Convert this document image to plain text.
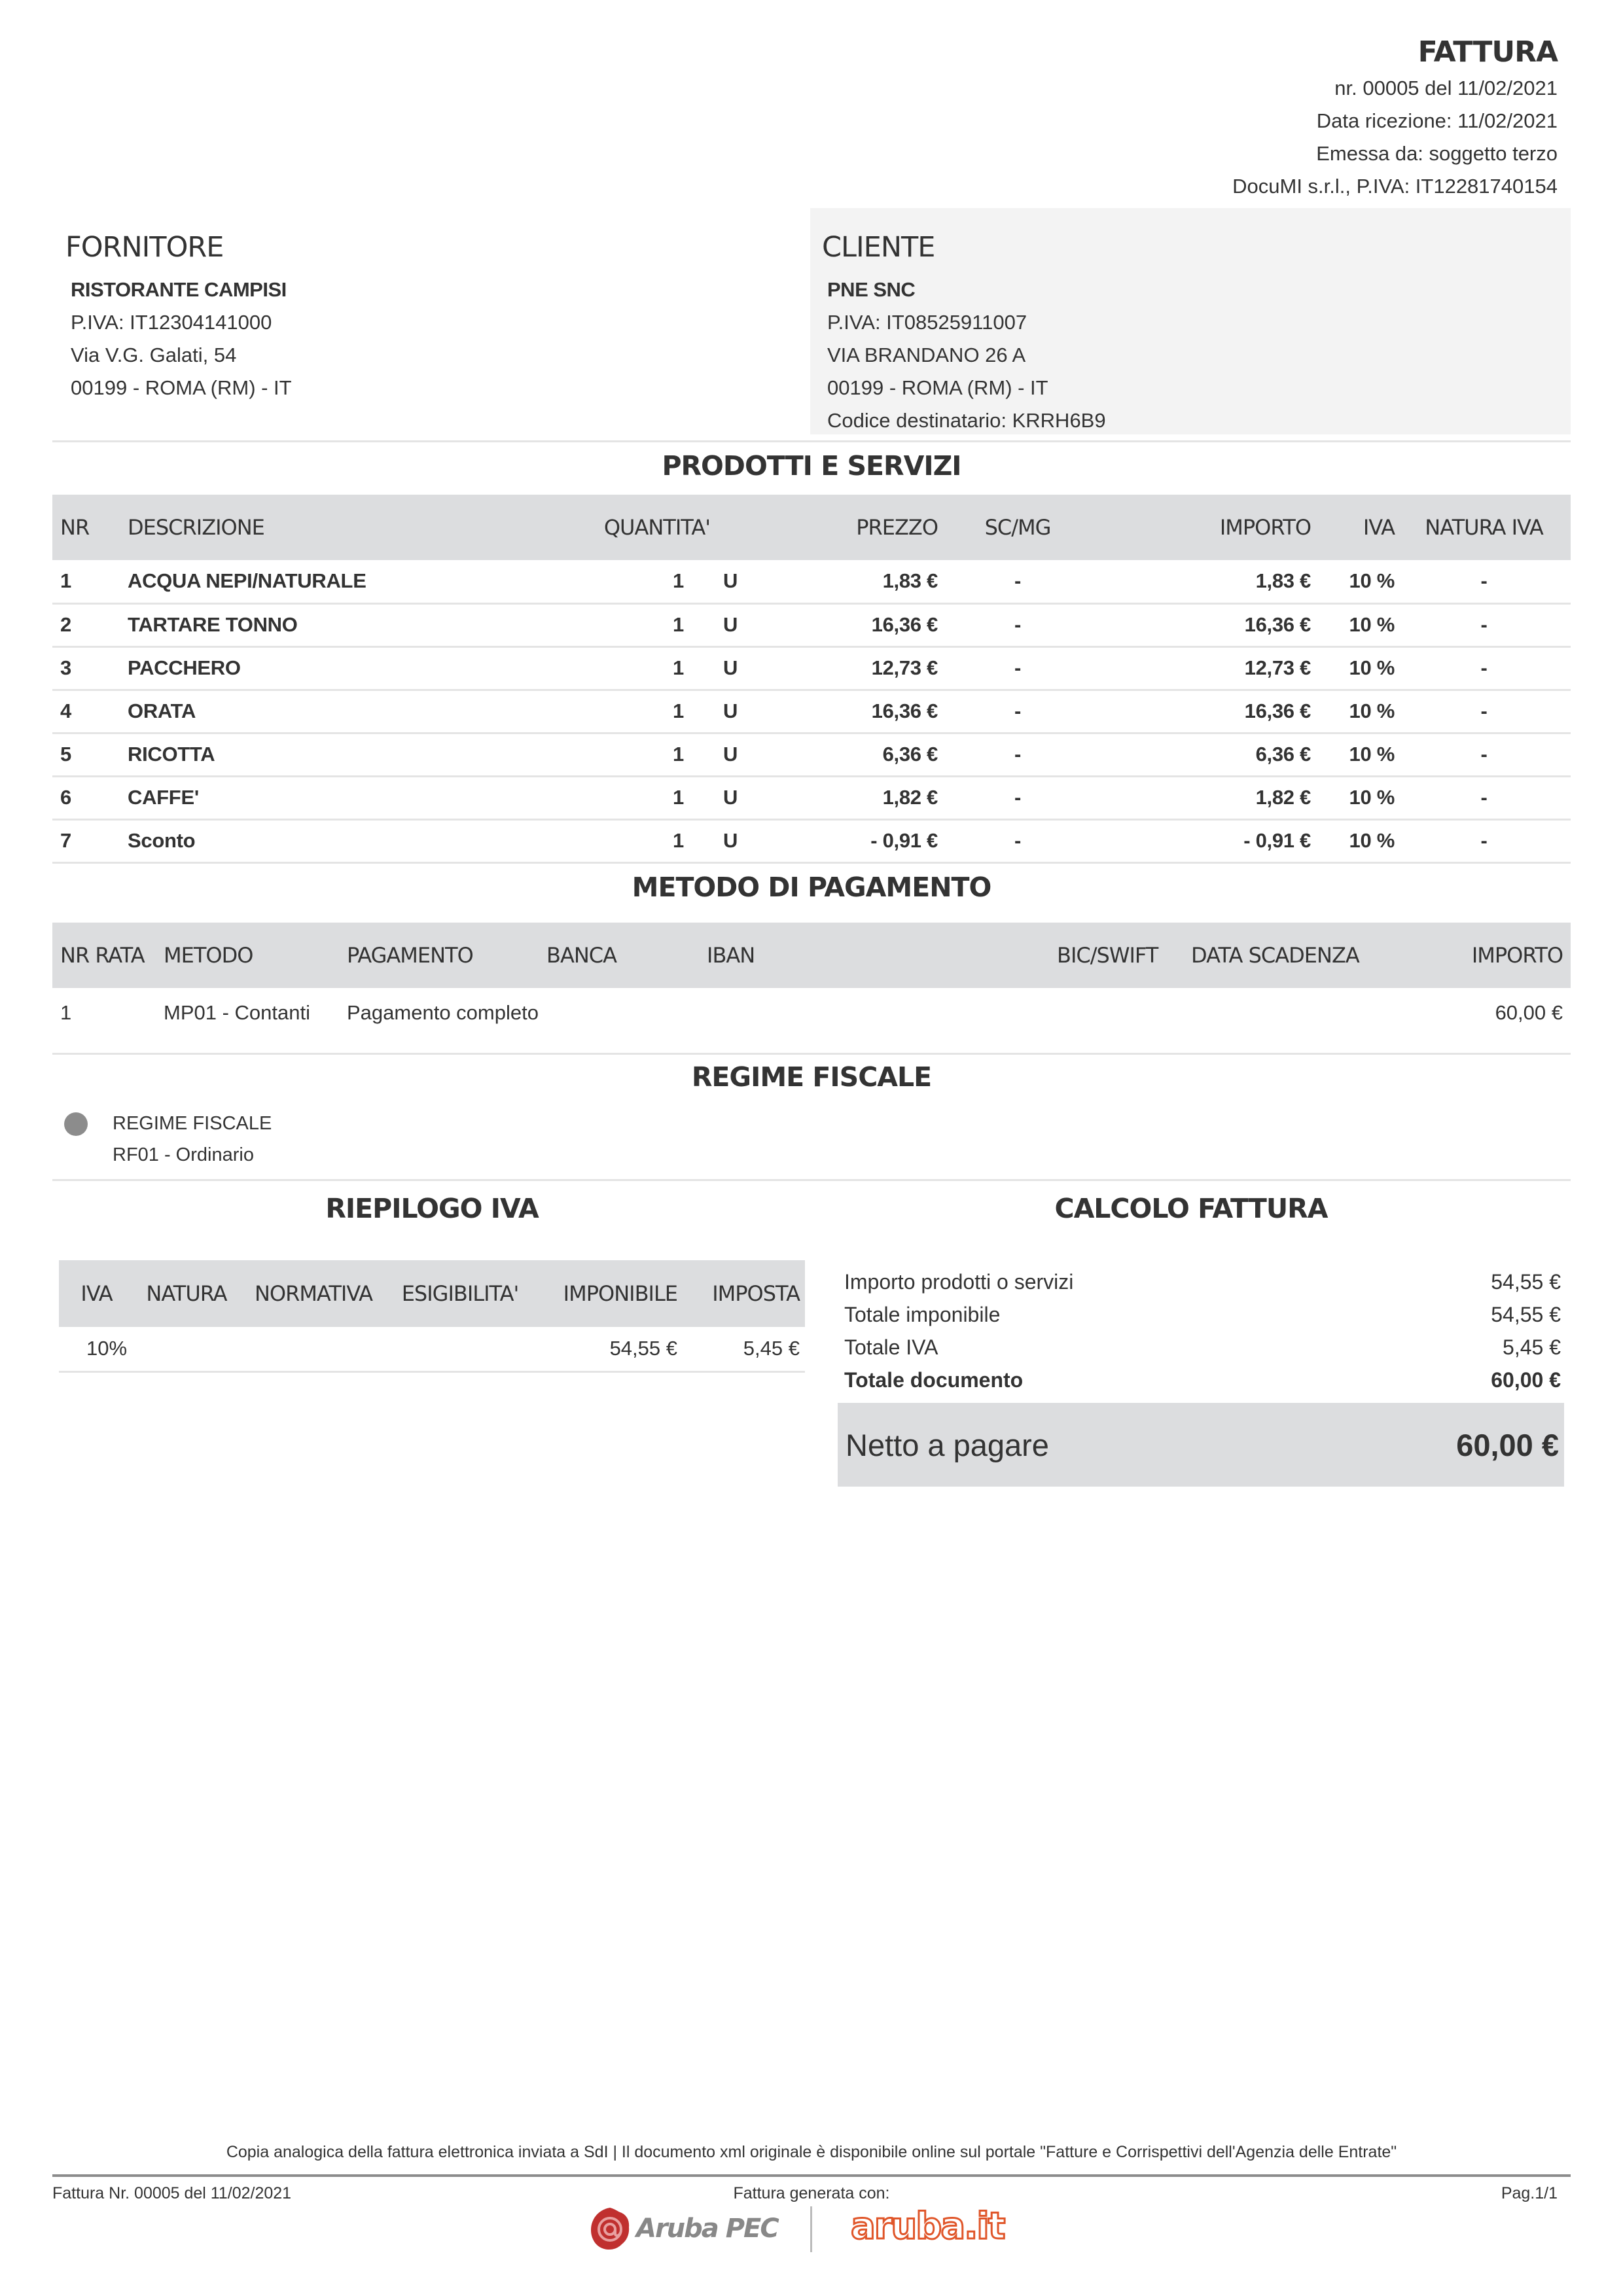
FATTURA
nr. 00005 del 11/02/2021
Data ricezione: 11/02/2021
Emessa da: soggetto terzo
DocuMI s.r.l., P.IVA: IT12281740154
FORNITORE
RISTORANTE CAMPISI
P.IVA: IT12304141000
Via V.G. Galati, 54
00199 - ROMA (RM) - IT
CLIENTE
PNE SNC
P.IVA: IT08525911007
VIA BRANDANO 26 A
00199 - ROMA (RM) - IT
Codice destinatario: KRRH6B9
PRODOTTI E SERVIZI
NR	DESCRIZIONE	QUANTITA'		PREZZO	SC/MG	IMPORTO	IVA	NATURA IVA
1	ACQUA NEPI/NATURALE	1	U	1,83 €	-	1,83 €	10 %	-
2	TARTARE TONNO	1	U	16,36 €	-	16,36 €	10 %	-
3	PACCHERO	1	U	12,73 €	-	12,73 €	10 %	-
4	ORATA	1	U	16,36 €	-	16,36 €	10 %	-
5	RICOTTA	1	U	6,36 €	-	6,36 €	10 %	-
6	CAFFE'	1	U	1,82 €	-	1,82 €	10 %	-
7	Sconto	1	U	- 0,91 €	-	- 0,91 €	10 %	-
METODO DI PAGAMENTO
NR RATA	METODO	PAGAMENTO	BANCA	IBAN	BIC/SWIFT	DATA SCADENZA	IMPORTO
1	MP01 - Contanti	Pagamento completo					60,00 €
REGIME FISCALE
REGIME FISCALE
RF01 - Ordinario
RIEPILOGO IVA
IVA	NATURA	NORMATIVA	ESIGIBILITA'	IMPONIBILE	IMPOSTA
10%				54,55 €	5,45 €
CALCOLO FATTURA
Importo prodotti o servizi	54,55 €
Totale imponibile	54,55 €
Totale IVA	5,45 €
Totale documento	60,00 €
Netto a pagare	60,00 €
Copia analogica della fattura elettronica inviata a SdI | Il documento xml originale è disponibile online sul portale "Fatture e Corrispettivi dell'Agenzia delle Entrate"
Fattura Nr. 00005 del 11/02/2021	Fattura generata con:	Pag.1/1
Aruba PEC aruba.it
